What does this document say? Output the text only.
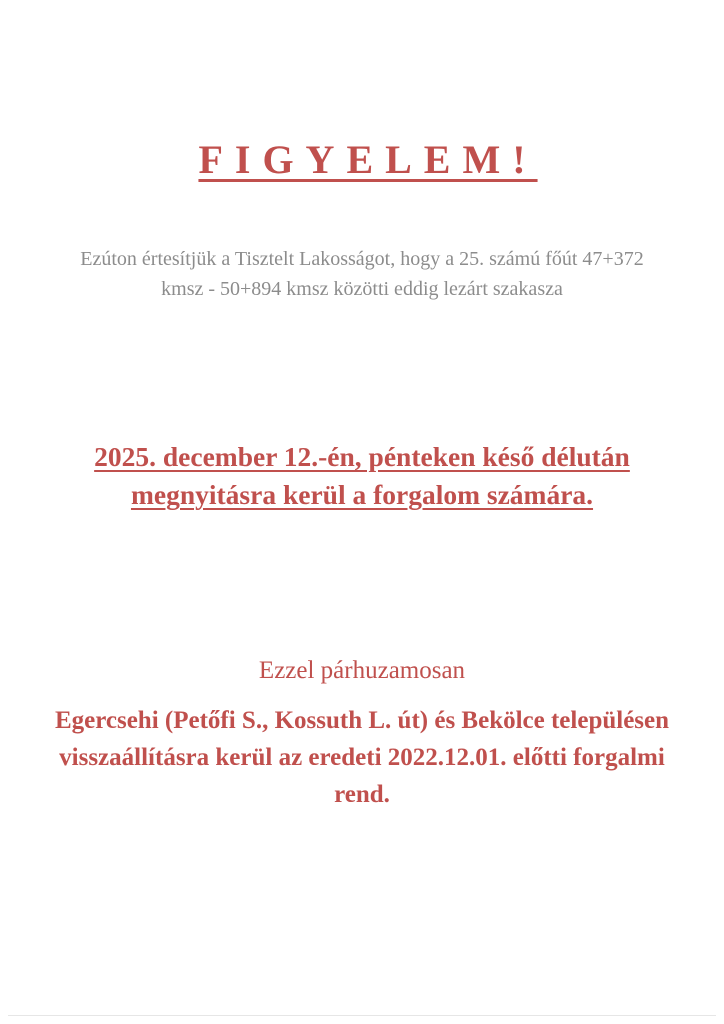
FIGYELEM!
Ezúton értesítjük a Tisztelt Lakosságot, hogy a 25. számú főút 47+372 kmsz - 50+894 kmsz közötti eddig lezárt szakasza
2025. december 12.-én, pénteken késő délután megnyitásra kerül a forgalom számára.
Ezzel párhuzamosan
Egercsehi (Petőfi S., Kossuth L. út) és Bekölce településen visszaállításra kerül az eredeti 2022.12.01. előtti forgalmi rend.
